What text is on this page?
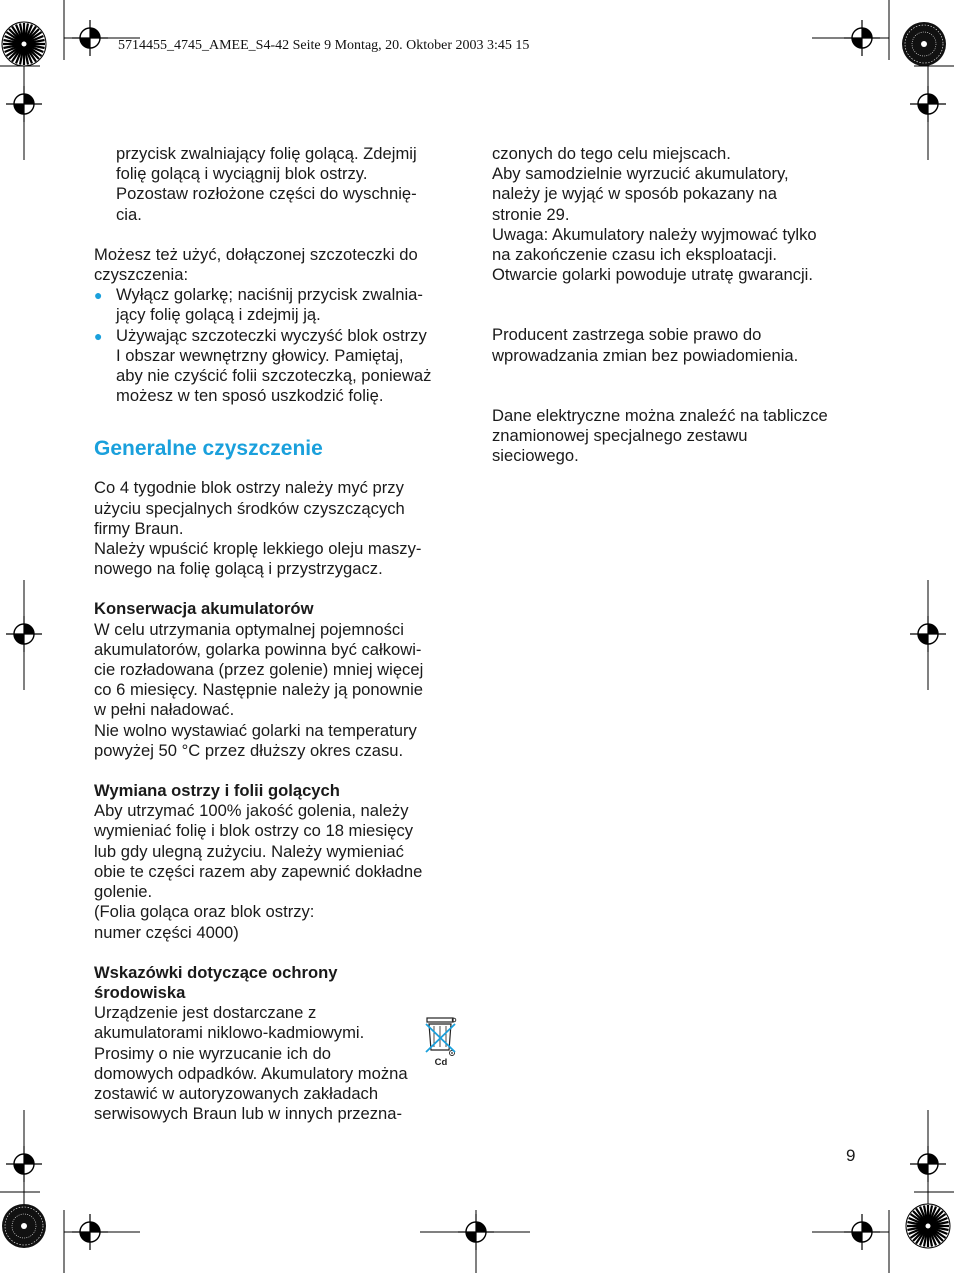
5714455_4745_AMEE_S4-42 Seite 9 Montag, 20. Oktober 2003 3:45 15
przycisk zwalniający folię golącą. Zdejmij
folię golącą i wyciągnij blok ostrzy.
Pozostaw rozłożone części do wyschnię-
cia.
Możesz też użyć, dołączonej szczoteczki do
czyszczenia:
● Wyłącz golarkę; naciśnij przycisk zwalnia-
jący folię golącą i zdejmij ją.
● Używając szczoteczki wyczyść blok ostrzy
I obszar wewnętrzny głowicy. Pamiętaj,
aby nie czyścić folii szczoteczką, ponieważ
możesz w ten sposó uszkodzić folię.
Generalne czyszczenie
Co 4 tygodnie blok ostrzy należy myć przy
użyciu specjalnych środków czyszczących
firmy Braun.
Należy wpuścić kroplę lekkiego oleju maszy-
nowego na folię golącą i przystrzygacz.
Konserwacja akumulatorów
W celu utrzymania optymalnej pojemności
akumulatorów, golarka powinna być całkowi-
cie rozładowana (przez golenie) mniej więcej
co 6 miesięcy. Następnie należy ją ponownie
w pełni naładować.
Nie wolno wystawiać golarki na temperatury
powyżej 50 °C przez dłuższy okres czasu.
Wymiana ostrzy i folii golących
Aby utrzymać 100% jakość golenia, należy
wymieniać folię i blok ostrzy co 18 miesięcy
lub gdy ulegną zużyciu. Należy wymieniać
obie te części razem aby zapewnić dokładne
golenie.
(Folia goląca oraz blok ostrzy:
numer części 4000)
Wskazówki dotyczące ochrony
środowiska
Urządzenie jest dostarczane z
akumulatorami niklowo-kadmiowymi.
Prosimy o nie wyrzucanie ich do
domowych odpadków. Akumulatory można
zostawić w autoryzowanych zakładach
serwisowych Braun lub w innych przezna-
Cd
czonych do tego celu miejscach.
Aby samodzielnie wyrzucić akumulatory,
należy je wyjąć w sposób pokazany na
stronie 29.
Uwaga: Akumulatory należy wyjmować tylko
na zakończenie czasu ich eksploatacji.
Otwarcie golarki powoduje utratę gwarancji.
Producent zastrzega sobie prawo do
wprowadzania zmian bez powiadomienia.
Dane elektryczne można znaleźć na tabliczce
znamionowej specjalnego zestawu
sieciowego.
9
